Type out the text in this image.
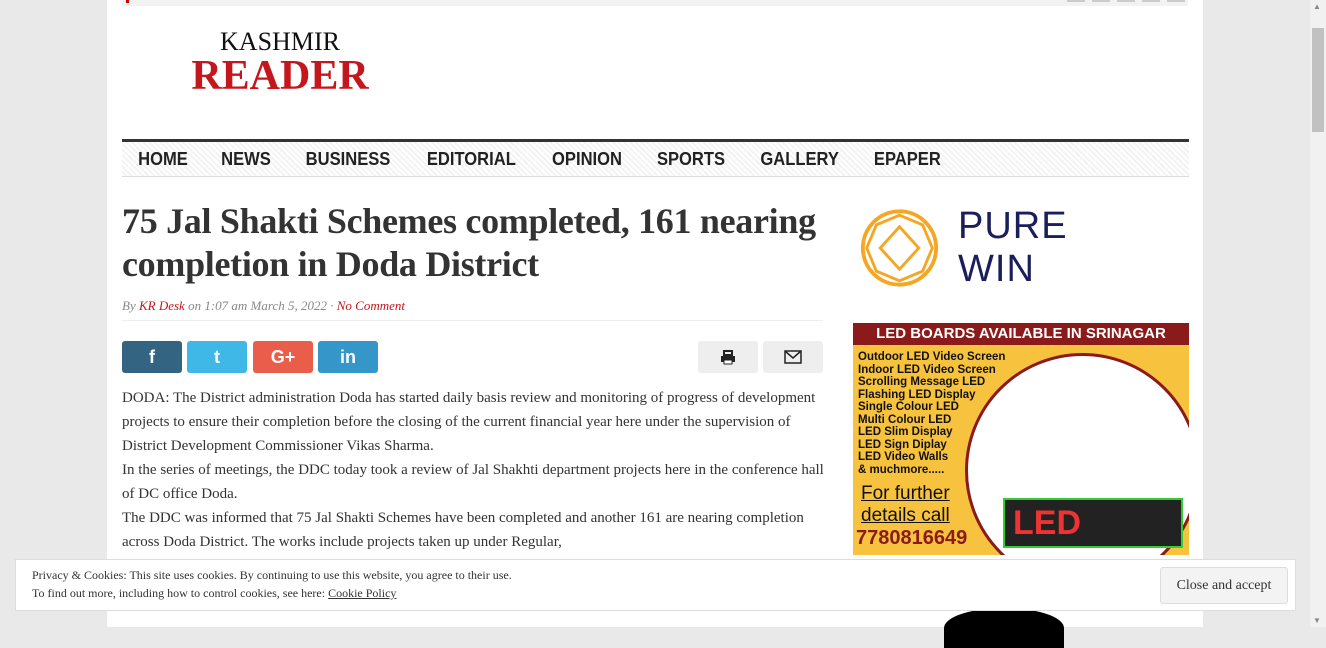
KASHMIR
READER
HOME NEWS BUSINESS EDITORIAL OPINION SPORTS GALLERY EPAPER
75 Jal Shakti Schemes completed, 161 nearing completion in Doda District
By KR Desk on 1:07 am March 5, 2022 · No Comment
f	t	G+ in

DODA: The District administration Doda has started daily basis review and monitoring of progress of development projects to ensure their completion before the closing of the current financial year here under the supervision of District Development Commissioner Vikas Sharma.

In the series of meetings, the DDC today took a review of Jal Shakhti department projects here in the conference hall of DC office Doda.

The DDC was informed that 75 Jal Shakti Schemes have been completed and another 161 are nearing completion across Doda District. The works include projects taken up under Regular,

PURE WIN
LED BOARDS AVAILABLE IN SRINAGAR
LED
Outdoor LED Video Screen
Indoor LED Video Screen
Scrolling Message LED
Flashing LED Display
Single Colour LED
Multi Colour LED
LED Slim Display
LED Sign Diplay
LED Video Walls
& muchmore.....
For further
details call
7780816649
Privacy & Cookies: This site uses cookies. By continuing to use this website, you agree to their use.
To find out more, including how to control cookies, see here: Cookie Policy
Close and accept
▲
▼
